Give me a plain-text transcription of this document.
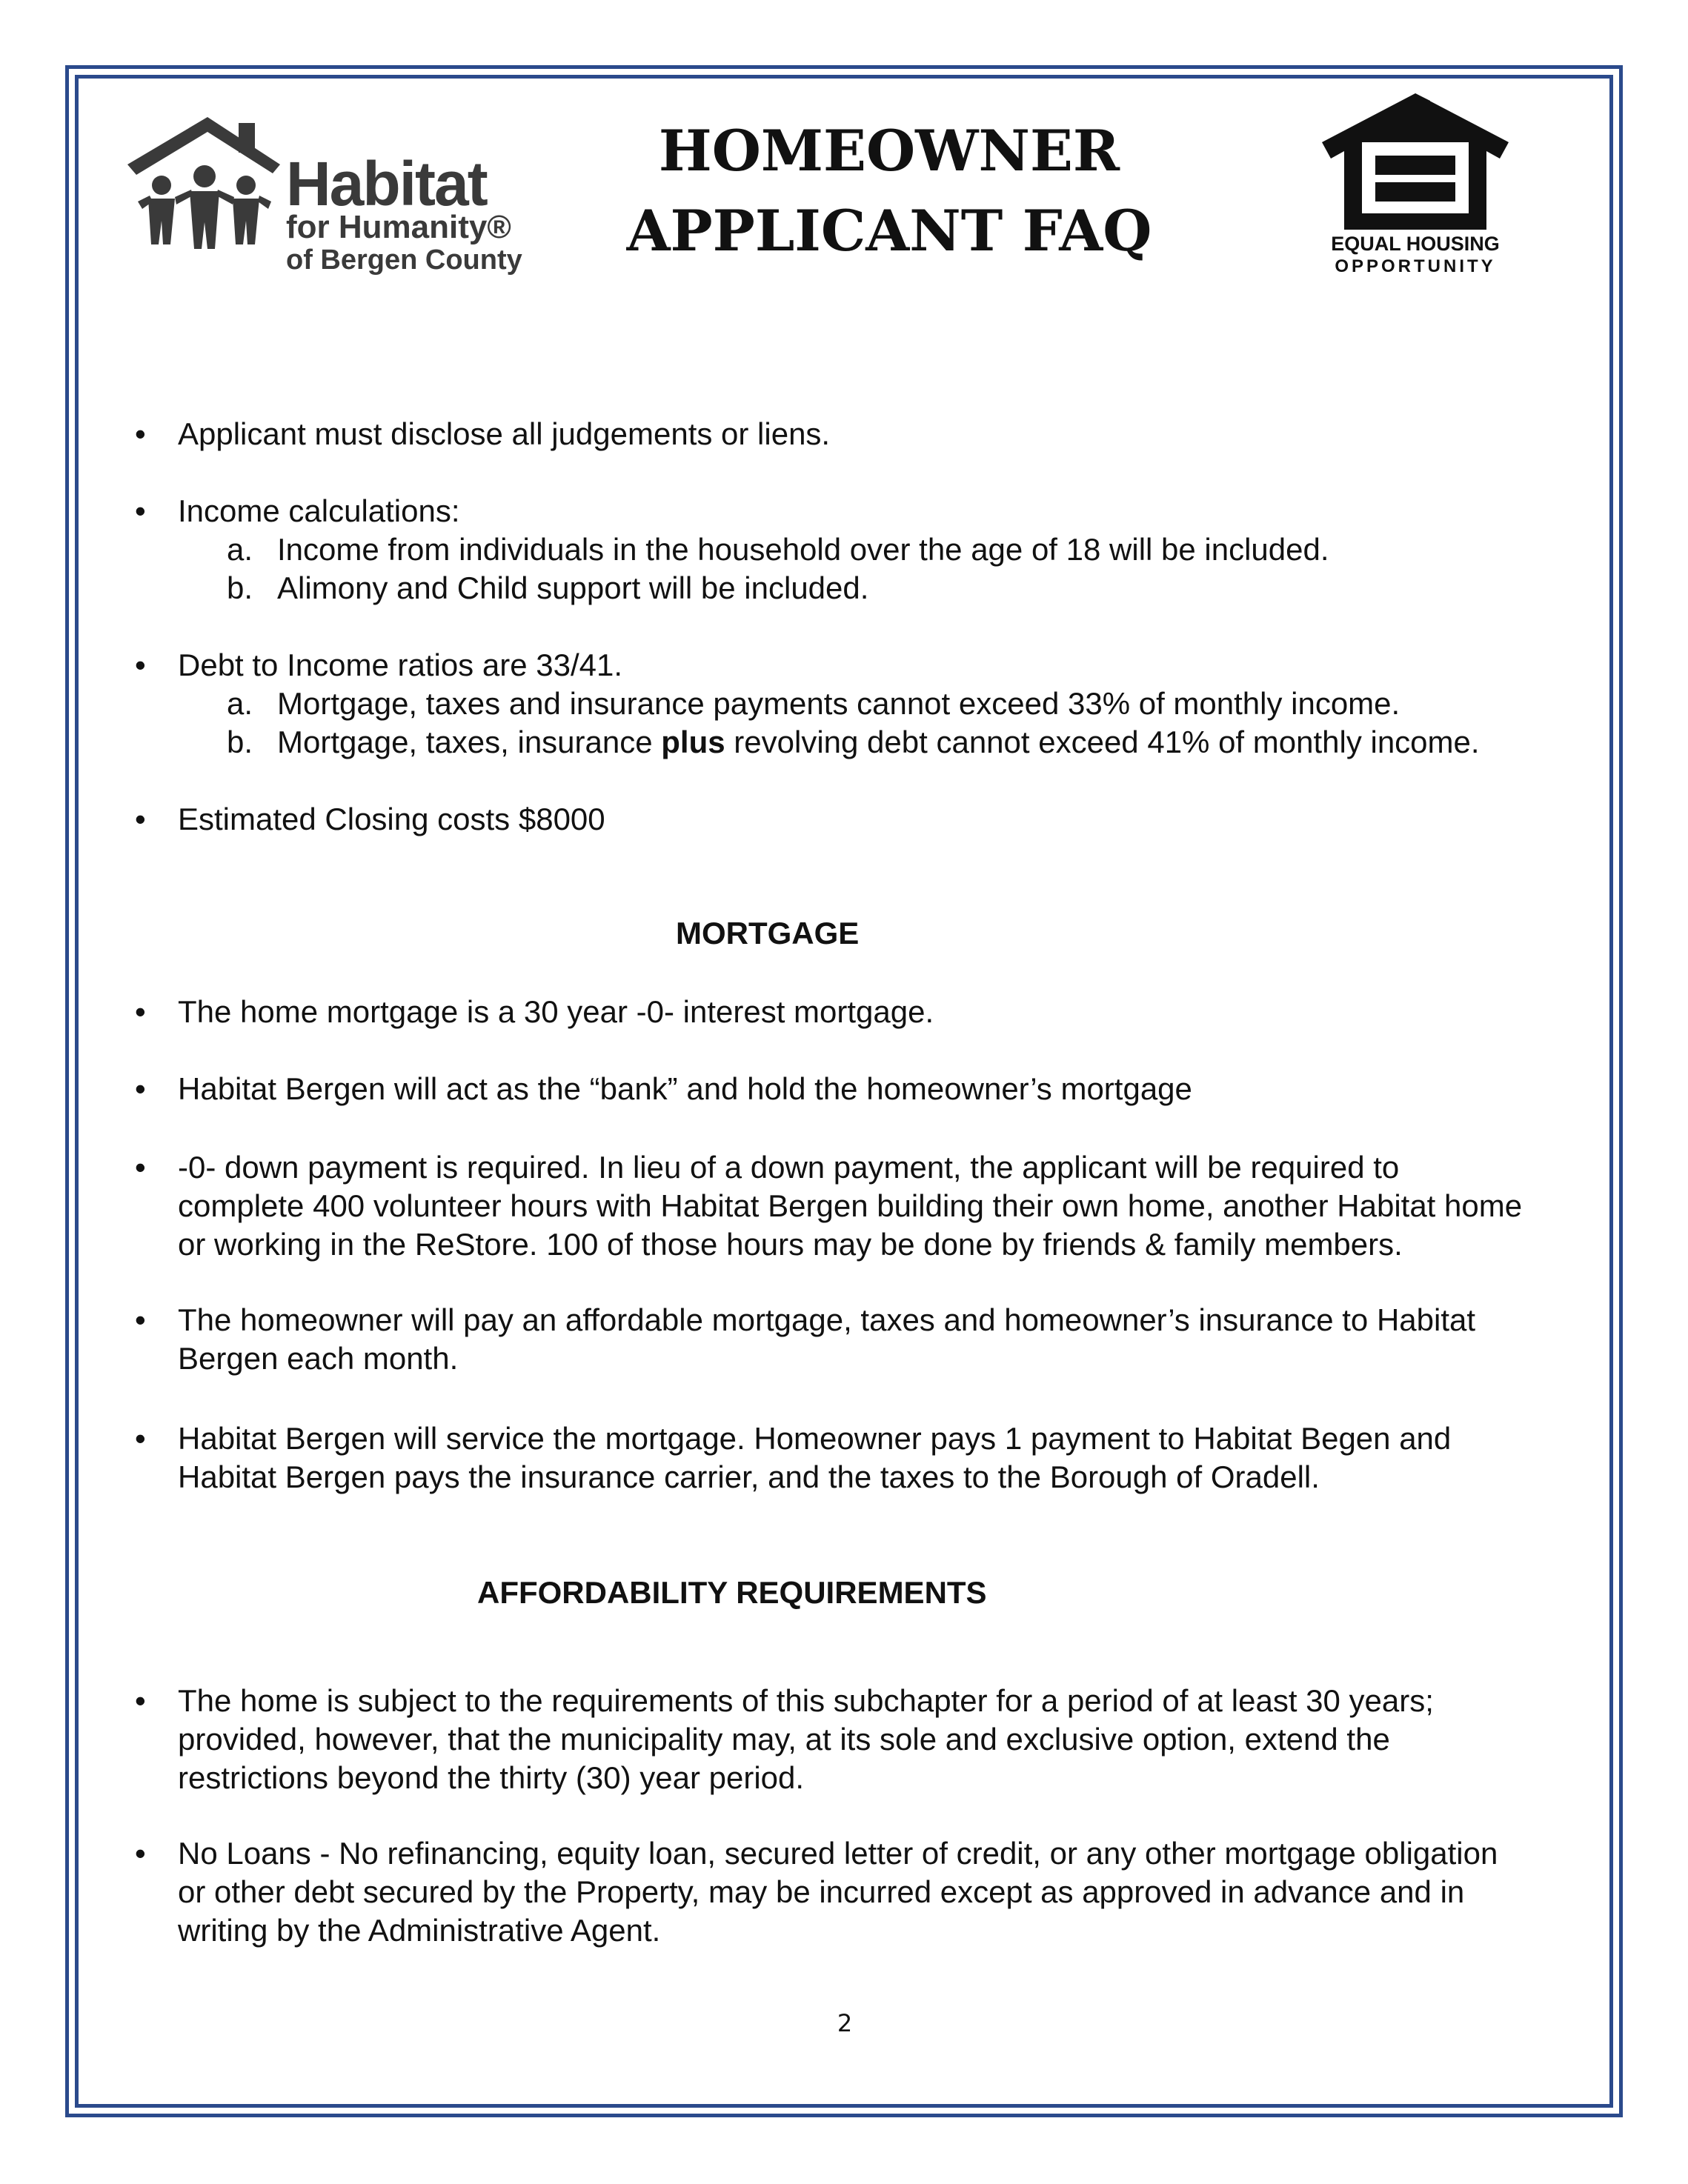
Habitat
for Humanity®
of Bergen County
HOMEOWNER
APPLICANT FAQ	EQUAL HOUSING
OPPORTUNITY
• Applicant must disclose all judgements or liens.
• Income calculations:
a. Income from individuals in the household over the age of 18 will be included.
b. Alimony and Child support will be included.
• Debt to Income ratios are 33/41.
a. Mortgage, taxes and insurance payments cannot exceed 33% of monthly income.
b. Mortgage, taxes, insurance plus revolving debt cannot exceed 41% of monthly income.
• Estimated Closing costs $8000
MORTGAGE
• The home mortgage is a 30 year -0- interest mortgage.
• Habitat Bergen will act as the “bank” and hold the homeowner’s mortgage
• -0- down payment is required. In lieu of a down payment, the applicant will be required to
complete 400 volunteer hours with Habitat Bergen building their own home, another Habitat home
or working in the ReStore. 100 of those hours may be done by friends & family members.
• The homeowner will pay an affordable mortgage, taxes and homeowner’s insurance to Habitat
Bergen each month.
• Habitat Bergen will service the mortgage. Homeowner pays 1 payment to Habitat Begen and
Habitat Bergen pays the insurance carrier, and the taxes to the Borough of Oradell.
AFFORDABILITY REQUIREMENTS
• The home is subject to the requirements of this subchapter for a period of at least 30 years;
provided, however, that the municipality may, at its sole and exclusive option, extend the
restrictions beyond the thirty (30) year period.
• No Loans - No refinancing, equity loan, secured letter of credit, or any other mortgage obligation
or other debt secured by the Property, may be incurred except as approved in advance and in
writing by the Administrative Agent.
2
